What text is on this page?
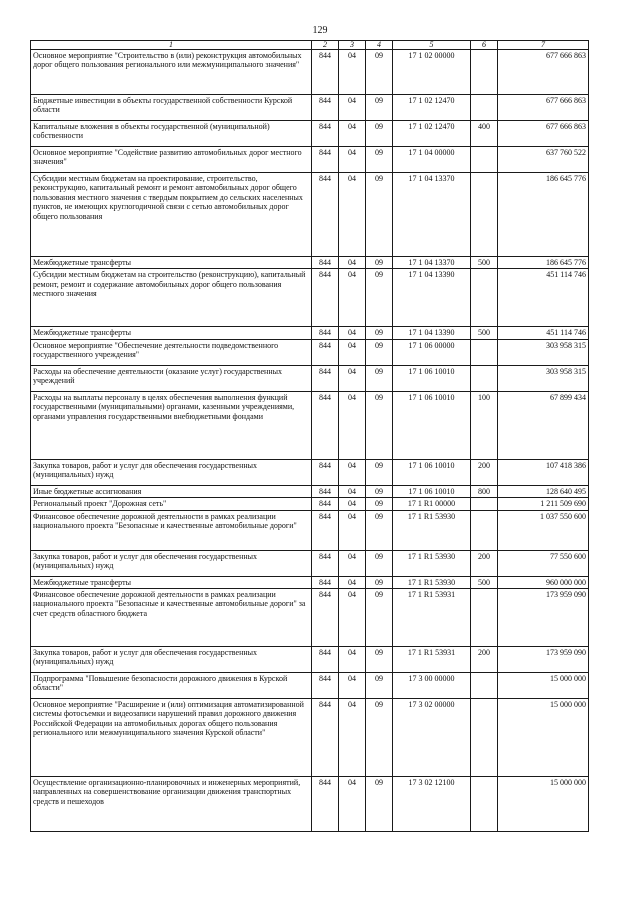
129
1	2	3	4	5	6	7
Основное мероприятие "Строительство в (или) реконструкция автомобильных дорог общего пользования регионального или межмуниципального значения"	844	04	09	17 1 02 00000		677 666 863
Бюджетные инвестиции в объекты государственной собственности Курской области	844	04	09	17 1 02 12470		677 666 863
Капитальные вложения в объекты государственной (муниципальной) собственности	844	04	09	17 1 02 12470	400	677 666 863
Основное мероприятие "Содействие развитию автомобильных дорог местного значения"	844	04	09	17 1 04 00000		637 760 522
Субсидии местным бюджетам на проектирование, строительство, реконструкцию, капитальный ремонт и ремонт автомобильных дорог общего пользования местного значения с твердым покрытием до сельских населенных пунктов, не имеющих круглогодичной связи с сетью автомобильных дорог общего пользования	844	04	09	17 1 04 13370		186 645 776
Межбюджетные трансферты	844	04	09	17 1 04 13370	500	186 645 776
Субсидии местным бюджетам на строительство (реконструкцию), капитальный ремонт, ремонт и содержание автомобильных дорог общего пользования местного значения	844	04	09	17 1 04 13390		451 114 746
Межбюджетные трансферты	844	04	09	17 1 04 13390	500	451 114 746
Основное мероприятие "Обеспечение деятельности подведомственного государственного учреждения"	844	04	09	17 1 06 00000		303 958 315
Расходы на обеспечение деятельности (оказание услуг) государственных учреждений	844	04	09	17 1 06 10010		303 958 315
Расходы на выплаты персоналу в целях обеспечения выполнения функций государственными (муниципальными) органами, казенными учреждениями, органами управления государственными внебюджетными фондами	844	04	09	17 1 06 10010	100	67 899 434
Закупка товаров, работ и услуг для обеспечения государственных (муниципальных) нужд	844	04	09	17 1 06 10010	200	107 418 386
Иные бюджетные ассигнования	844	04	09	17 1 06 10010	800	128 640 495
Региональный проект "Дорожная сеть"	844	04	09	17 1 R1 00000		1 211 509 690
Финансовое обеспечение дорожной деятельности в рамках реализации национального проекта "Безопасные и качественные автомобильные дороги"	844	04	09	17 1 R1 53930		1 037 550 600
Закупка товаров, работ и услуг для обеспечения государственных (муниципальных) нужд	844	04	09	17 1 R1 53930	200	77 550 600
Межбюджетные трансферты	844	04	09	17 1 R1 53930	500	960 000 000
Финансовое обеспечение дорожной деятельности в рамках реализации национального проекта "Безопасные и качественные автомобильные дороги" за счет средств областного бюджета	844	04	09	17 1 R1 53931		173 959 090
Закупка товаров, работ и услуг для обеспечения государственных (муниципальных) нужд	844	04	09	17 1 R1 53931	200	173 959 090
Подпрограмма "Повышение безопасности дорожного движения в Курской области"	844	04	09	17 3 00 00000		15 000 000
Основное мероприятие "Расширение и (или) оптимизация автоматизированной системы фотосъемки и видеозаписи нарушений правил дорожного движения Российской Федерации на автомобильных дорогах общего пользования регионального или межмуниципального значения Курской области"	844	04	09	17 3 02 00000		15 000 000
Осуществление организационно-планировочных и инженерных мероприятий, направленных на совершенствование организации движения транспортных средств и пешеходов	844	04	09	17 3 02 12100		15 000 000
